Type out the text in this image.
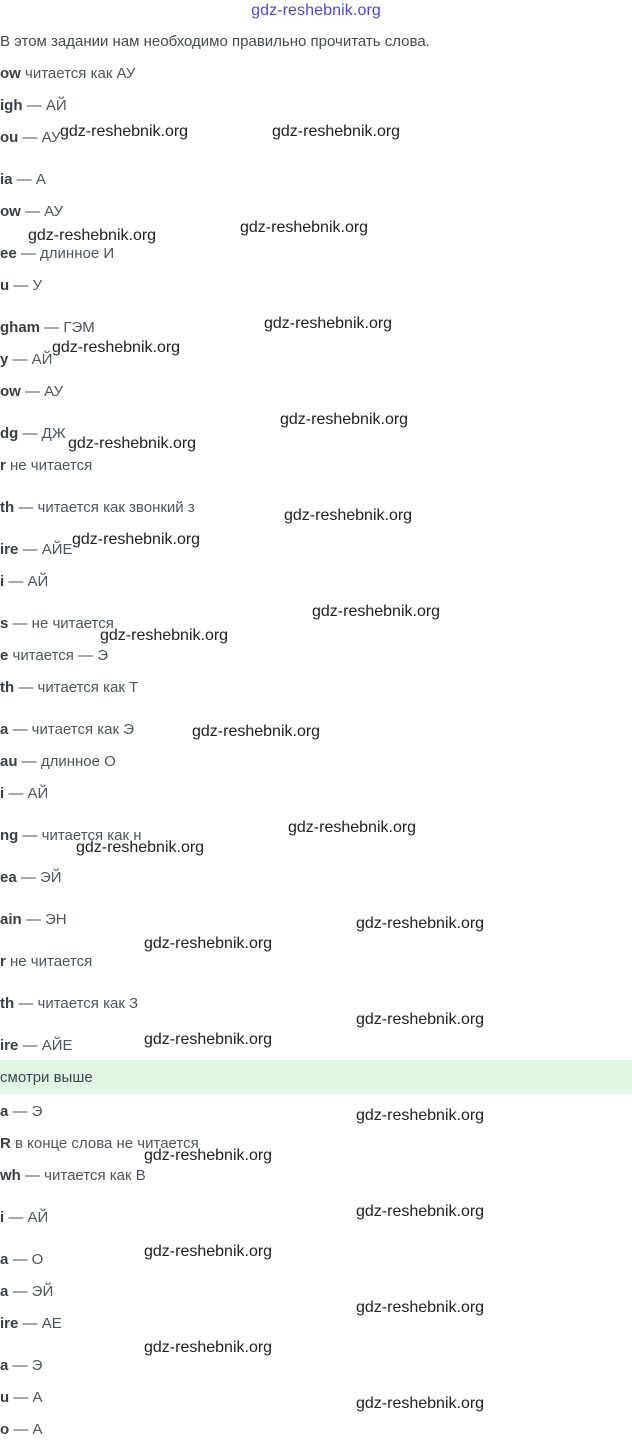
gdz-reshebnik.org
В этом задании нам необходимо правильно прочитать слова.
ow читается как АУ
igh — АЙ
ou — АУ
ia — А
ow — АУ
ee — длинное И
u — У
gham — ГЭМ
y — АЙ
ow — АУ
dg — ДЖ
r не читается
th — читается как звонкий з
ire — АЙЕ
i — АЙ
s — не читается
e читается — Э
th — читается как Т
a — читается как Э
au — длинное О
i — АЙ
ng — читается как н
ea — ЭЙ
ain — ЭН
r не читается
th — читается как З
ire — АЙЕ
a — Э
R в конце слова не читается
wh — читается как В
i — АЙ
a — О
a — ЭЙ
ire — АЕ
a — Э
u — А
o — А
смотри выше
gdz-reshebnik.org	gdz-reshebnik.org
gdz-reshebnik.org	gdz-reshebnik.org
gdz-reshebnik.org
gdz-reshebnik.org
gdz-reshebnik.org
gdz-reshebnik.org
gdz-reshebnik.org
gdz-reshebnik.org
gdz-reshebnik.org
gdz-reshebnik.org
gdz-reshebnik.org
gdz-reshebnik.org
gdz-reshebnik.org
gdz-reshebnik.org
gdz-reshebnik.org
gdz-reshebnik.org
gdz-reshebnik.org
gdz-reshebnik.org
gdz-reshebnik.org
gdz-reshebnik.org
gdz-reshebnik.org
gdz-reshebnik.org
gdz-reshebnik.org
gdz-reshebnik.org
